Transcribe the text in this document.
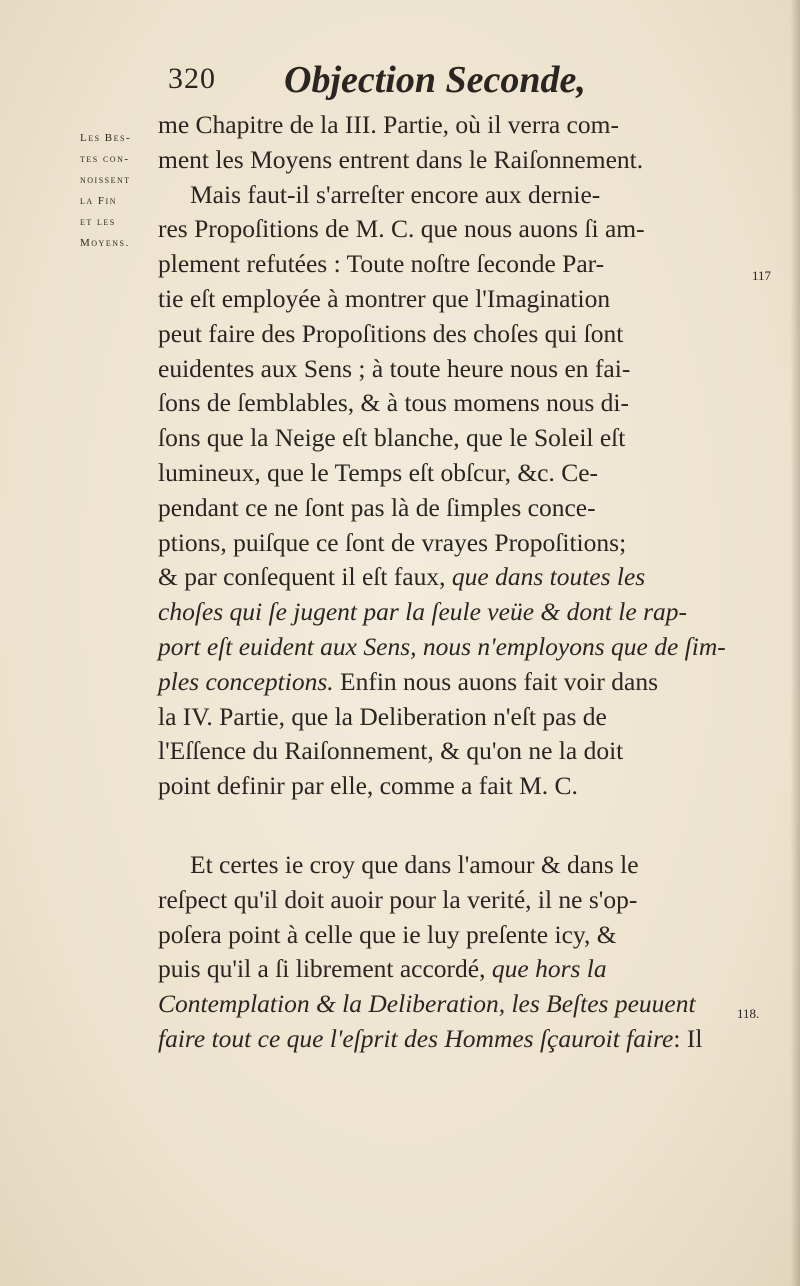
320 Objection Seconde,
Les Bes-
tes con-
noissent
la Fin
et les
Moyens.
117
118.
me Chapitre de la III. Partie, où il verra com-
ment les Moyens entrent dans le Raiſonnement.
Mais faut-il s'arreſter encore aux dernie-
res Propoſitions de M. C. que nous auons ſi am-
plement refutées : Toute noſtre ſeconde Par-
tie eſt employée à montrer que l'Imagination
peut faire des Propoſitions des choſes qui ſont
euidentes aux Sens ; à toute heure nous en fai-
ſons de ſemblables, & à tous momens nous di-
ſons que la Neige eſt blanche, que le Soleil eſt
lumineux, que le Temps eſt obſcur, &c. Ce-
pendant ce ne ſont pas là de ſimples conce-
ptions, puiſque ce ſont de vrayes Propoſitions;
& par conſequent il eſt faux, que dans toutes les
choſes qui ſe jugent par la ſeule veüe & dont le rap-
port eſt euident aux Sens, nous n'employons que de ſim-
ples conceptions. Enfin nous auons fait voir dans
la IV. Partie, que la Deliberation n'eſt pas de
l'Eſſence du Raiſonnement, & qu'on ne la doit
point definir par elle, comme a fait M. C.
Et certes ie croy que dans l'amour & dans le
reſpect qu'il doit auoir pour la verité, il ne s'op-
poſera point à celle que ie luy preſente icy, &
puis qu'il a ſi librement accordé, que hors la
Contemplation & la Deliberation, les Beſtes peuuent
faire tout ce que l'eſprit des Hommes ſçauroit faire: Il
